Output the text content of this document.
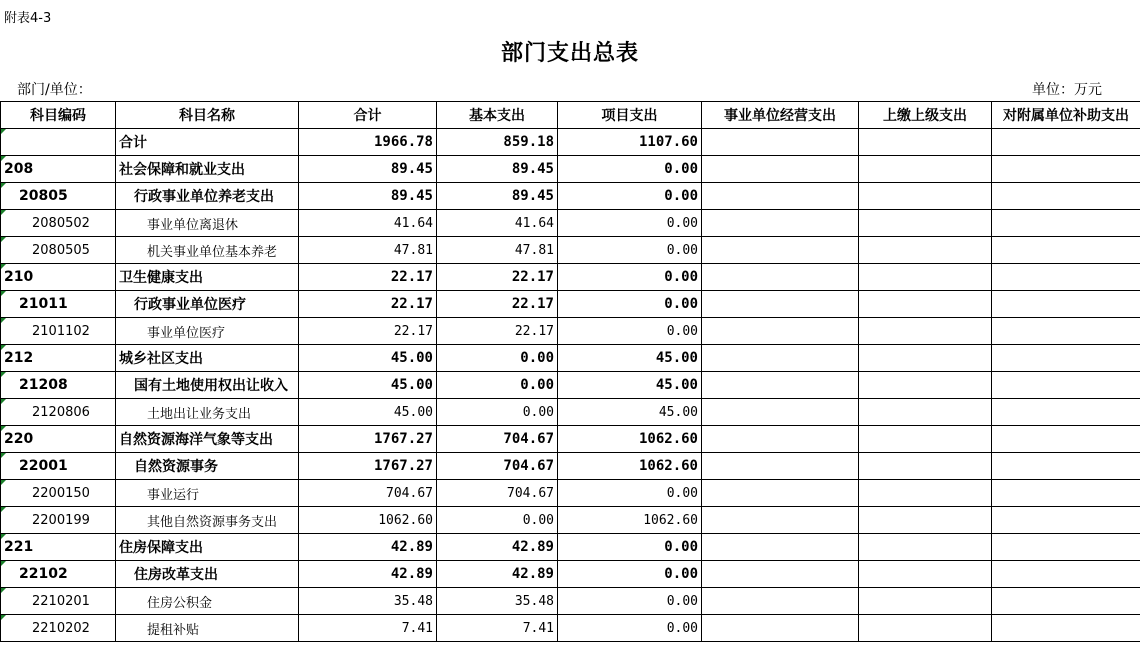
附表4-3
部门支出总表
部门/单位：	单位：万元
科目编码	科目名称	合计	基本支出	项目支出	事业单位经营支出	上缴上级支出	对附属单位补助支出
	合计	1966.78	859.18	1107.60			
208	社会保障和就业支出	89.45	89.45	0.00			
20805	行政事业单位养老支出	89.45	89.45	0.00			
2080502	事业单位离退休	41.64	41.64	0.00			
2080505	机关事业单位基本养老	47.81	47.81	0.00			
210	卫生健康支出	22.17	22.17	0.00			
21011	行政事业单位医疗	22.17	22.17	0.00			
2101102	事业单位医疗	22.17	22.17	0.00			
212	城乡社区支出	45.00	0.00	45.00			
21208	国有土地使用权出让收入	45.00	0.00	45.00			
2120806	土地出让业务支出	45.00	0.00	45.00			
220	自然资源海洋气象等支出	1767.27	704.67	1062.60			
22001	自然资源事务	1767.27	704.67	1062.60			
2200150	事业运行	704.67	704.67	0.00			
2200199	其他自然资源事务支出	1062.60	0.00	1062.60			
221	住房保障支出	42.89	42.89	0.00			
22102	住房改革支出	42.89	42.89	0.00			
2210201	住房公积金	35.48	35.48	0.00			
2210202	提租补贴	7.41	7.41	0.00			
